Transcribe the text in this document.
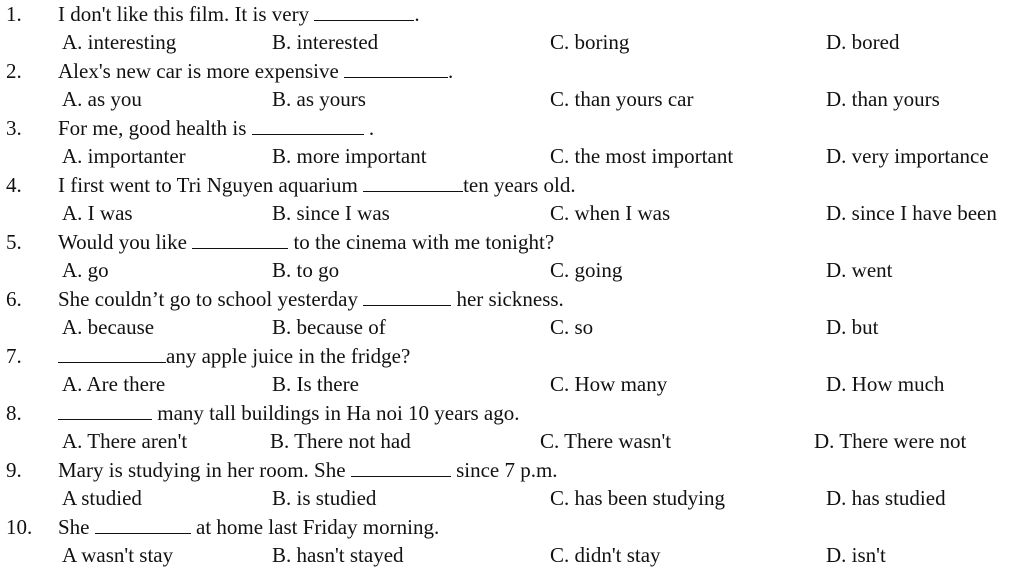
1. I don't like this film. It is very	.
A. interesting	B. interested	C. boring	D. bored
2. Alex's new car is more expensive	.
A. as you	B. as yours	C. than yours car	D. than yours
3. For me, good health is	.
A. importanter	B. more important	C. the most important	D. very importance
4. I first went to Tri Nguyen aquarium	ten years old.
A. I was	B. since I was	C. when I was	D. since I have been
5. Would you like	to the cinema with me tonight?
A. go	B. to go	C. going	D. went
6. She couldn’t go to school yesterday	her sickness.
A. because	B. because of	C. so	D. but
7.	any apple juice in the fridge?
A. Are there	B. Is there	C. How many	D. How much
8.	many tall buildings in Ha noi 10 years ago.
A. There aren't	B. There not had	C. There wasn't	D. There were not
9. Mary is studying in her room. She	since 7 p.m.
A studied	B. is studied	C. has been studying	D. has studied
10. She	at home last Friday morning.
A wasn't stay	B. hasn't stayed	C. didn't stay	D. isn't
